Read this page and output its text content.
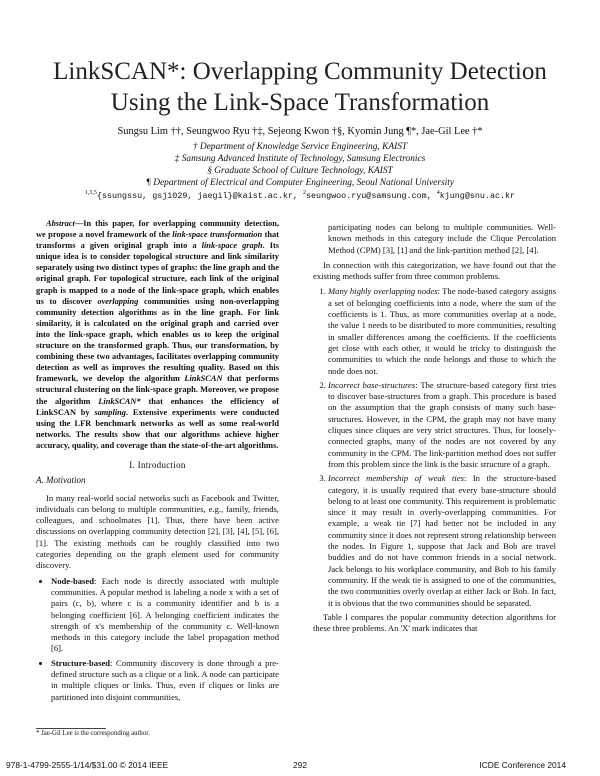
LinkSCAN*: Overlapping Community Detection
Using the Link-Space Transformation
Sungsu Lim ††, Seungwoo Ryu †‡, Sejeong Kwon †§, Kyomin Jung ¶*, Jae-Gil Lee †*
† Department of Knowledge Service Engineering, KAIST
‡ Samsung Advanced Institute of Technology, Samsung Electronics
§ Graduate School of Culture Technology, KAIST
¶ Department of Electrical and Computer Engineering, Seoul National University
$^{1,3,5}${ssungssu, gsj1029, jaegil}@kaist.ac.kr, $^2$seungwoo.ryu@samsung.com, $^4$kjung@snu.ac.kr

Abstract—In this paper, for overlapping community detection, we propose a novel framework of the link-space transformation that transforms a given original graph into a link-space graph. Its unique idea is to consider topological structure and link similarity separately using two distinct types of graphs: the line graph and the original graph. For topological structure, each link of the original graph is mapped to a node of the link-space graph, which enables us to discover overlapping communities using non-overlapping community detection algorithms as in the line graph. For link similarity, it is calculated on the original graph and carried over into the link-space graph, which enables us to keep the original structure on the transformed graph. Thus, our transformation, by combining these two advantages, facilitates overlapping community detection as well as improves the resulting quality. Based on this framework, we develop the algorithm LinkSCAN that performs structural clustering on the link-space graph. Moreover, we propose the algorithm LinkSCAN* that enhances the efficiency of LinkSCAN by sampling. Extensive experiments were conducted using the LFR benchmark networks as well as some real-world networks. The results show that our algorithms achieve higher accuracy, quality, and coverage than the state-of-the-art algorithms.

I. Introduction
A. Motivation

In many real-world social networks such as Facebook and Twitter, individuals can belong to multiple communities, e.g., family, friends, colleagues, and schoolmates [1]. Thus, there have been active discussions on overlapping community detection [2], [3], [4], [5], [6], [1]. The existing methods can be roughly classified into two categories depending on the graph element used for community discovery.

• Node-based: Each node is directly associated with multiple communities. A popular method is labeling a node x with a set of pairs (c, b), where c is a community identifier and b is a belonging coefficient [6]. A belonging coefficient indicates the strength of x's membership of the community c. Well-known methods in this category include the label propagation method [6].
• Structure-based: Community discovery is done through a pre-defined structure such as a clique or a link. A node can participate in multiple cliques or links. Thus, even if cliques or links are partitioned into disjoint communities,

participating nodes can belong to multiple communities. Well-known methods in this category include the Clique Percolation Method (CPM) [3], [1] and the link-partition method [2], [4].

In connection with this categorization, we have found out that the existing methods suffer from three common problems.

1. Many highly overlapping nodes: The node-based category assigns a set of belonging coefficients into a node, where the sum of the coefficients is 1. Thus, as more communities overlap at a node, the value 1 needs to be distributed to more communities, resulting in smaller differences among the coefficients. If the coefficients get close with each other, it would be tricky to distinguish the communities to which the node belongs and those to which the node does not.
2. Incorrect base-structures: The structure-based category first tries to discover base-structures from a graph. This procedure is based on the assumption that the graph consists of many such base-structures. However, in the CPM, the graph may not have many cliques since cliques are very strict structures. Thus, for loosely-connected graphs, many of the nodes are not covered by any community in the CPM. The link-partition method does not suffer from this problem since the link is the basic structure of a graph.
3. Incorrect membership of weak ties: In the structure-based category, it is usually required that every base-structure should belong to at least one community. This requirement is problematic since it may result in overly-overlapping communities. For example, a weak tie [7] had better not be included in any community since it does not represent strong relationship between the nodes. In Figure 1, suppose that Jack and Bob are travel buddies and do not have common friends in a social network. Jack belongs to his workplace community, and Bob to his family community. If the weak tie is assigned to one of the communities, the two communities overly overlap at either Jack or Bob. In fact, it is obvious that the two communities should be separated.

Table I compares the popular community detection algorithms for these three problems. An 'X' mark indicates that

* Jae-Gil Lee is the corresponding author.
978-1-4799-2555-1/14/$31.00 © 2014 IEEE	292	ICDE Conference 2014
